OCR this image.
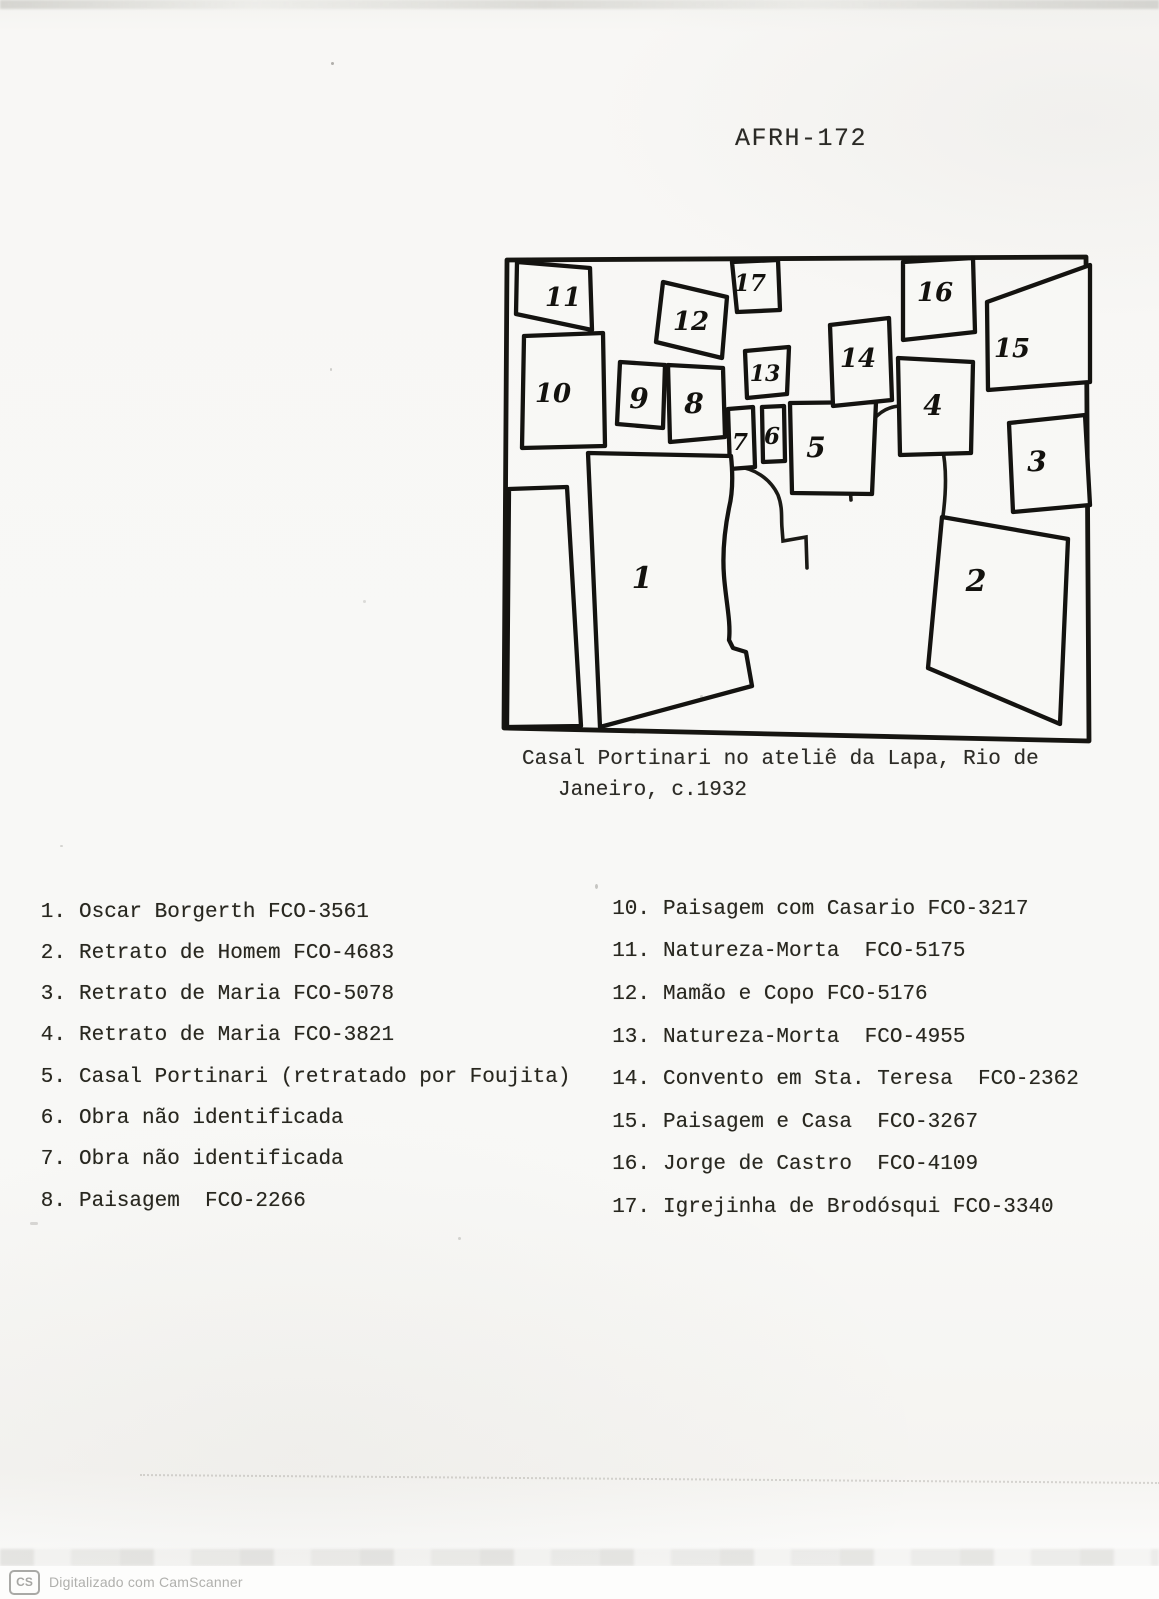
AFRH-172
11
10
12
17
9 8
13
7 6 5
14
16
15
4
3
1	2
Casal Portinari no ateliê da Lapa, Rio de
Janeiro, c.1932
1. Oscar Borgerth FCO-3561
2. Retrato de Homem FCO-4683
3. Retrato de Maria FCO-5078
4. Retrato de Maria FCO-3821
5. Casal Portinari (retratado por Foujita)
6. Obra não identificada
7. Obra não identificada
8. Paisagem  FCO-2266
10. Paisagem com Casario FCO-3217
11. Natureza-Morta  FCO-5175
12. Mamão e Copo FCO-5176
13. Natureza-Morta  FCO-4955
14. Convento em Sta. Teresa  FCO-2362
15. Paisagem e Casa  FCO-3267
16. Jorge de Castro  FCO-4109
17. Igrejinha de Brodósqui FCO-3340
CS	Digitalizado com CamScanner
